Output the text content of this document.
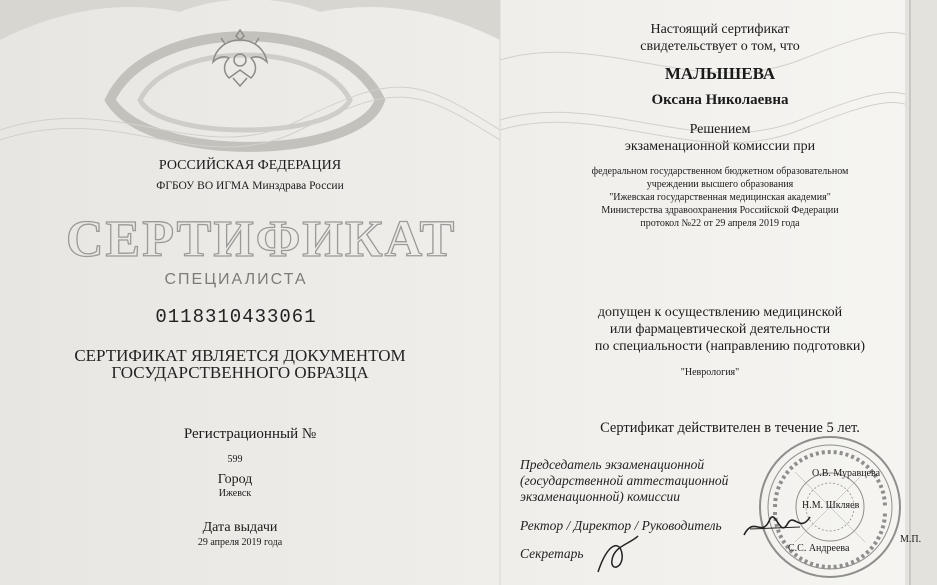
РОССИЙСКАЯ ФЕДЕРАЦИЯ
ФГБОУ ВО ИГМА Минздрава России
СЕРТИФИКАТ
СПЕЦИАЛИСТА
0118310433061
СЕРТИФИКАТ ЯВЛЯЕТСЯ ДОКУМЕНТОМ
ГОСУДАРСТВЕННОГО ОБРАЗЦА
Регистрационный №
599
Город
Ижевск
Дата выдачи
29 апреля 2019 года
Настоящий сертификат
свидетельствует о том, что
МАЛЫШЕВА
Оксана Николаевна
Решением
экзаменационной комиссии при
федеральном государственном бюджетном образовательном
учреждении высшего образования
"Ижевская государственная медицинская академия"
Министерства здравоохранения Российской Федерации
протокол №22 от 29 апреля 2019 года
допущен к осуществлению медицинской
или фармацевтической деятельности
по специальности (направлению подготовки)
"Неврология"
Сертификат действителен в течение 5 лет.
Председатель экзаменационной
(государственной аттестационной
экзаменационной) комиссии
Ректор / Директор / Руководитель
Секретарь
О.В. Муравцева
Н.М. Шкляев
С.С. Андреева
М.П.
